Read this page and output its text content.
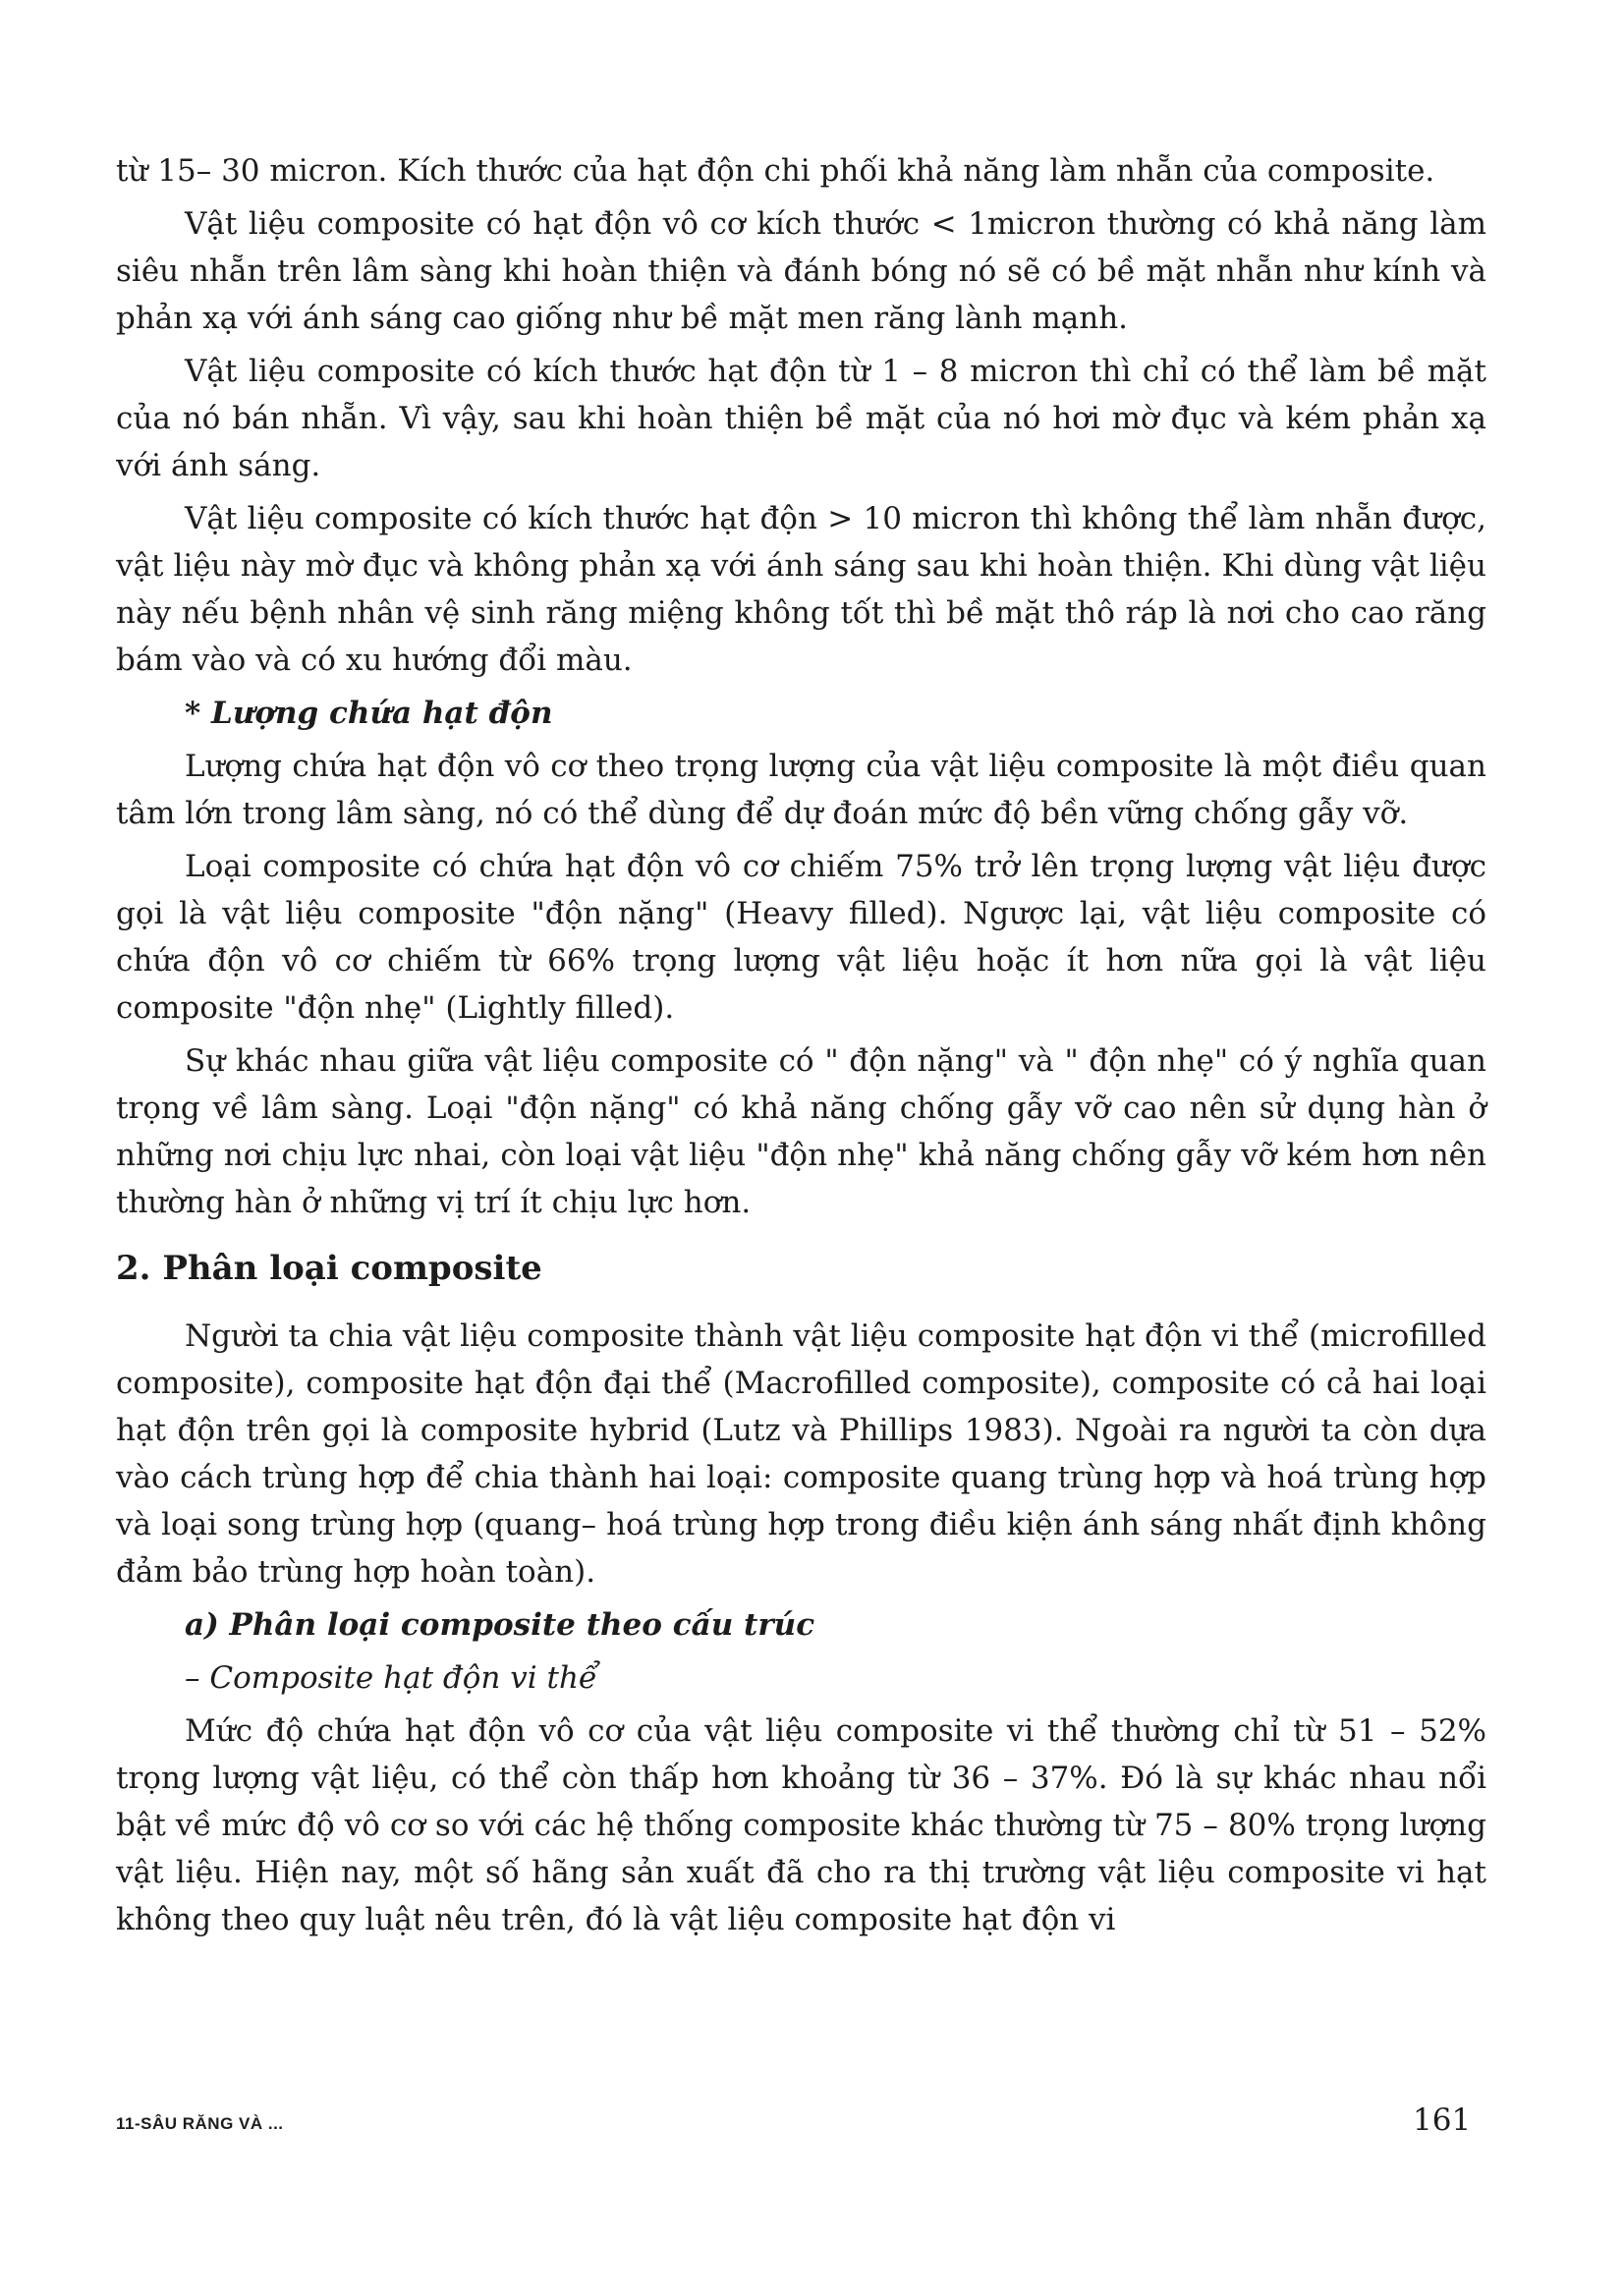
từ 15– 30 micron. Kích thước của hạt độn chi phối khả năng làm nhẵn của composite.

Vật liệu composite có hạt độn vô cơ kích thước < 1micron thường có khả năng làm siêu nhẵn trên lâm sàng khi hoàn thiện và đánh bóng nó sẽ có bề mặt nhẵn như kính và phản xạ với ánh sáng cao giống như bề mặt men răng lành mạnh.

Vật liệu composite có kích thước hạt độn từ 1 – 8 micron thì chỉ có thể làm bề mặt của nó bán nhẵn. Vì vậy, sau khi hoàn thiện bề mặt của nó hơi mờ đục và kém phản xạ với ánh sáng.

Vật liệu composite có kích thước hạt độn > 10 micron thì không thể làm nhẵn được, vật liệu này mờ đục và không phản xạ với ánh sáng sau khi hoàn thiện. Khi dùng vật liệu này nếu bệnh nhân vệ sinh răng miệng không tốt thì bề mặt thô ráp là nơi cho cao răng bám vào và có xu hướng đổi màu.

* Lượng chứa hạt độn

Lượng chứa hạt độn vô cơ theo trọng lượng của vật liệu composite là một điều quan tâm lớn trong lâm sàng, nó có thể dùng để dự đoán mức độ bền vững chống gẫy vỡ.

Loại composite có chứa hạt độn vô cơ chiếm 75% trở lên trọng lượng vật liệu được gọi là vật liệu composite "độn nặng" (Heavy filled). Ngược lại, vật liệu composite có chứa độn vô cơ chiếm từ 66% trọng lượng vật liệu hoặc ít hơn nữa gọi là vật liệu composite "độn nhẹ" (Lightly filled).

Sự khác nhau giữa vật liệu composite có " độn nặng" và " độn nhẹ" có ý nghĩa quan trọng về lâm sàng. Loại "độn nặng" có khả năng chống gẫy vỡ cao nên sử dụng hàn ở những nơi chịu lực nhai, còn loại vật liệu "độn nhẹ" khả năng chống gẫy vỡ kém hơn nên thường hàn ở những vị trí ít chịu lực hơn.

2. Phân loại composite

Người ta chia vật liệu composite thành vật liệu composite hạt độn vi thể (microfilled composite), composite hạt độn đại thể (Macrofilled composite), composite có cả hai loại hạt độn trên gọi là composite hybrid (Lutz và Phillips 1983). Ngoài ra người ta còn dựa vào cách trùng hợp để chia thành hai loại: composite quang trùng hợp và hoá trùng hợp và loại song trùng hợp (quang– hoá trùng hợp trong điều kiện ánh sáng nhất định không đảm bảo trùng hợp hoàn toàn).

a) Phân loại composite theo cấu trúc
– Composite hạt độn vi thể

Mức độ chứa hạt độn vô cơ của vật liệu composite vi thể thường chỉ từ 51 – 52% trọng lượng vật liệu, có thể còn thấp hơn khoảng từ 36 – 37%. Đó là sự khác nhau nổi bật về mức độ vô cơ so với các hệ thống composite khác thường từ 75 – 80% trọng lượng vật liệu. Hiện nay, một số hãng sản xuất đã cho ra thị trường vật liệu composite vi hạt không theo quy luật nêu trên, đó là vật liệu composite hạt độn vi

11-SÂU RĂNG VÀ ...	161
